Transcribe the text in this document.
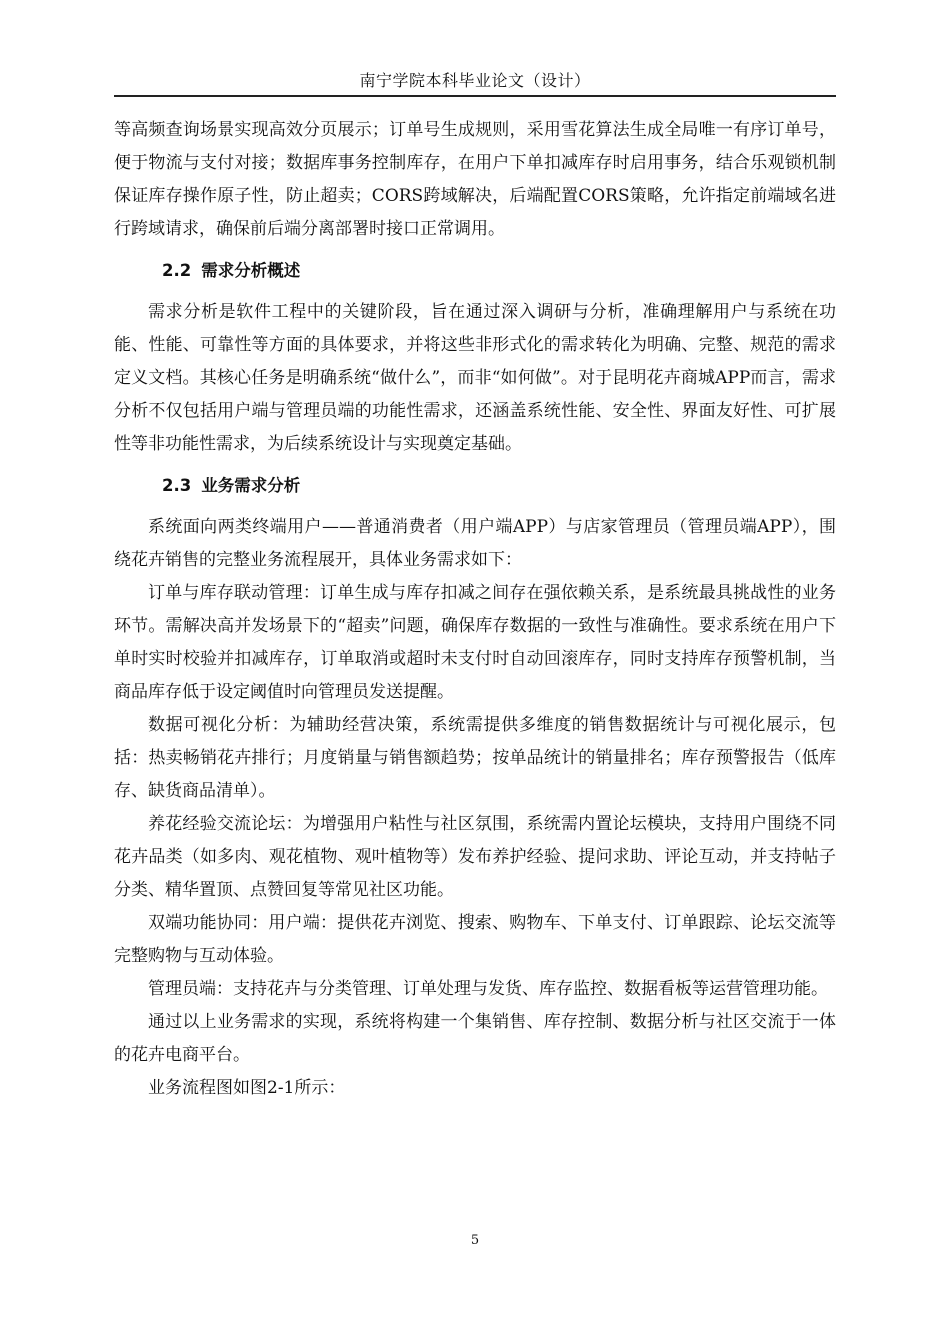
南宁学院本科毕业论文（设计）

等高频查询场景实现高效分页展示；订单号生成规则，采用雪花算法生成全局唯一有序订单号，便于物流与支付对接；数据库事务控制库存，在用户下单扣减库存时启用事务，结合乐观锁机制保证库存操作原子性，防止超卖；CORS跨域解决，后端配置CORS策略，允许指定前端域名进行跨域请求，确保前后端分离部署时接口正常调用。

2.2 需求分析概述

需求分析是软件工程中的关键阶段，旨在通过深入调研与分析，准确理解用户与系统在功能、性能、可靠性等方面的具体要求，并将这些非形式化的需求转化为明确、完整、规范的需求定义文档。其核心任务是明确系统“做什么”，而非“如何做”。对于昆明花卉商城APP而言，需求分析不仅包括用户端与管理员端的功能性需求，还涵盖系统性能、安全性、界面友好性、可扩展性等非功能性需求，为后续系统设计与实现奠定基础。

2.3 业务需求分析

系统面向两类终端用户——普通消费者（用户端APP）与店家管理员（管理员端APP），围绕花卉销售的完整业务流程展开，具体业务需求如下：

订单与库存联动管理：订单生成与库存扣减之间存在强依赖关系，是系统最具挑战性的业务环节。需解决高并发场景下的“超卖”问题，确保库存数据的一致性与准确性。要求系统在用户下单时实时校验并扣减库存，订单取消或超时未支付时自动回滚库存，同时支持库存预警机制，当商品库存低于设定阈值时向管理员发送提醒。

数据可视化分析：为辅助经营决策，系统需提供多维度的销售数据统计与可视化展示，包括：热卖畅销花卉排行；月度销量与销售额趋势；按单品统计的销量排名；库存预警报告（低库存、缺货商品清单）。

养花经验交流论坛：为增强用户粘性与社区氛围，系统需内置论坛模块，支持用户围绕不同花卉品类（如多肉、观花植物、观叶植物等）发布养护经验、提问求助、评论互动，并支持帖子分类、精华置顶、点赞回复等常见社区功能。

双端功能协同：用户端：提供花卉浏览、搜索、购物车、下单支付、订单跟踪、论坛交流等完整购物与互动体验。

管理员端：支持花卉与分类管理、订单处理与发货、库存监控、数据看板等运营管理功能。

通过以上业务需求的实现，系统将构建一个集销售、库存控制、数据分析与社区交流于一体的花卉电商平台。

业务流程图如图2-1所示：

5
